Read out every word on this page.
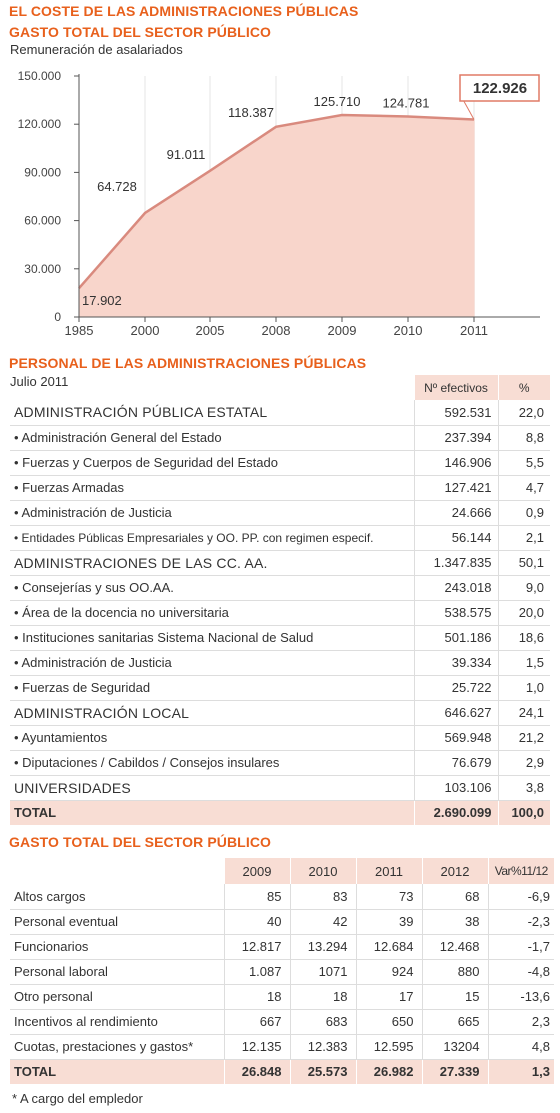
EL COSTE DE LAS ADMINISTRACIONES PÚBLICAS
GASTO TOTAL DEL SECTOR PÚBLICO
Remuneración de asalariados
0
30.000
60.000
90.000
120.000
150.000
1985	2000	2005	2008	2009	2010	2011
17.902
64.728
91.011
118.387
125.710 124.781
122.926
PERSONAL DE LAS ADMINISTRACIONES PÚBLICAS
Julio 2011
		Nº efectivos	%
ADMINISTRACIÓN PÚBLICA ESTATAL	592.531	22,0
• Administración General del Estado	237.394	8,8
• Fuerzas y Cuerpos de Seguridad del Estado	146.906	5,5
• Fuerzas Armadas	127.421	4,7
• Administración de Justicia	24.666	0,9
• Entidades Públicas Empresariales y OO. PP. con regimen especif.	56.144	2,1
ADMINISTRACIONES DE LAS CC. AA.	1.347.835	50,1
• Consejerías y sus OO.AA.	243.018	9,0
• Área de la docencia no universitaria	538.575	20,0
• Instituciones sanitarias Sistema Nacional de Salud	501.186	18,6
• Administración de Justicia	39.334	1,5
• Fuerzas de Seguridad	25.722	1,0
ADMINISTRACIÓN LOCAL	646.627	24,1
• Ayuntamientos	569.948	21,2
• Diputaciones / Cabildos / Consejos insulares	76.679	2,9
UNIVERSIDADES	103.106	3,8
TOTAL	2.690.099	100,0
GASTO TOTAL DEL SECTOR PÚBLICO
	2009	2010	2011	2012	Var%11/12
Altos cargos	85	83	73	68	-6,9
Personal eventual	40	42	39	38	-2,3
Funcionarios	12.817	13.294	12.684	12.468	-1,7
Personal laboral	1.087	1071	924	880	-4,8
Otro personal	18	18	17	15	-13,6
Incentivos al rendimiento	667	683	650	665	2,3
Cuotas, prestaciones y gastos*	12.135	12.383	12.595	13204	4,8
TOTAL	26.848	25.573	26.982	27.339	1,3
* A cargo del empledor
